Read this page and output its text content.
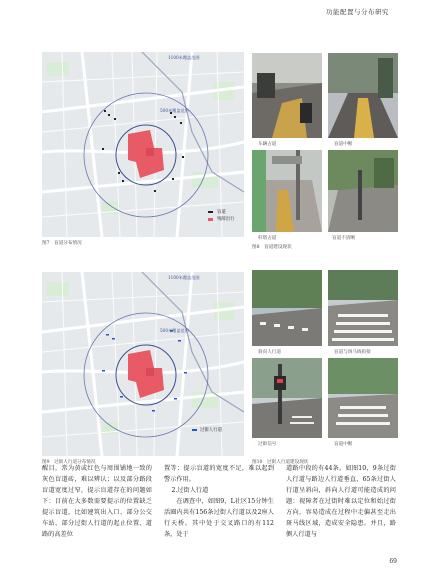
功能配置与分布研究
1100米覆盖范围
500米覆盖范围
盲道
残障出行
图7　盲道分布情况
车辆占道	盲道中断
杆塔占道	盲道不清晰
图8　盲道建设现状
1100米覆盖范围
500米覆盖范围
过街人行道
图9　过街人行道分布情况
斜向人行道	盲道与斑马线衔接
过街信号	盲道中断
图10　过街人行道建设现状

醒目，常为黄或红色与周围铺地一致的灰色盲道砖，难以辨认；以及部分路段盲道宽度过窄，提示盲道存在的问题如下：目前在大多数需要提示的位置缺乏提示盲道，比如建筑出入口、部分公交车站、部分过街人行道的起止位置、道路的高差位

置等；提示盲道的宽度不足，难以起到警示作用。

2.过街人行道

在调查中，如图9，L社区15分钟生活圈内共有156条过街人行道以及2座人行天桥。其中处于交叉路口的有112条，处于

道路中段的有44条。如图10，9条过街人行道与路边人行道垂直，65条过街人行道呈斜向，斜向人行道可能造成的问题：视障者在过街时难以定位和始过街方向，容易造成在过程中走偏甚至走出斑马线区域，造成安全隐患。并且，路侧人行道与

69
